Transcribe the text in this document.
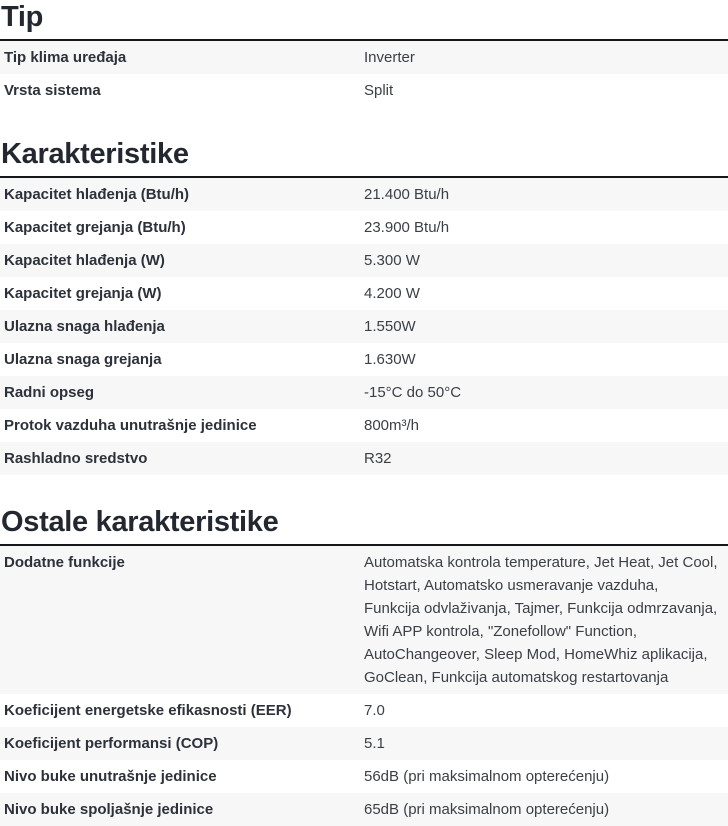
Tip
Tip klima uređaja	Inverter
Vrsta sistema	Split
Karakteristike
Kapacitet hlađenja (Btu/h)	21.400 Btu/h
Kapacitet grejanja (Btu/h)	23.900 Btu/h
Kapacitet hlađenja (W)	5.300 W
Kapacitet grejanja (W)	4.200 W
Ulazna snaga hlađenja	1.550W
Ulazna snaga grejanja	1.630W
Radni opseg	-15°C do 50°C
Protok vazduha unutrašnje jedinice	800m³/h
Rashladno sredstvo	R32
Ostale karakteristike
Dodatne funkcije	Automatska kontrola temperature, Jet Heat, Jet Cool, Hotstart, Automatsko usmeravanje vazduha, Funkcija odvlaživanja, Tajmer, Funkcija odmrzavanja, Wifi APP kontrola, "Zonefollow" Function, AutoChangeover, Sleep Mod, HomeWhiz aplikacija, GoClean, Funkcija automatskog restartovanja
Koeficijent energetske efikasnosti (EER)	7.0
Koeficijent performansi (COP)	5.1
Nivo buke unutrašnje jedinice	56dB (pri maksimalnom opterećenju)
Nivo buke spoljašnje jedinice	65dB (pri maksimalnom opterećenju)
